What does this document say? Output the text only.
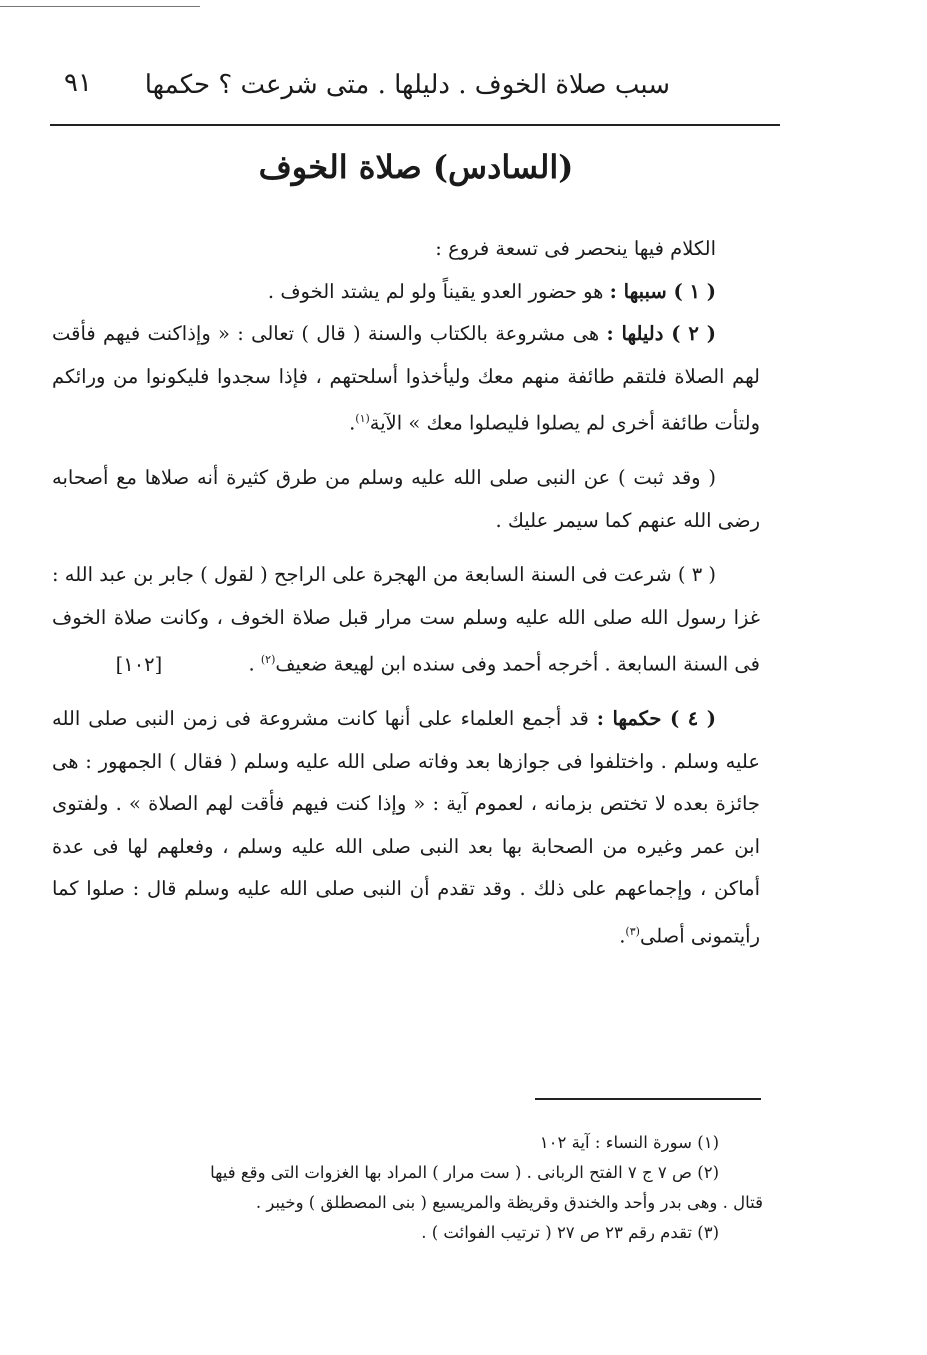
سبب صلاة الخوف . دليلها . متى شرعت ؟ حكمها
٩١
(السادس) صلاة الخوف

الكلام فيها ينحصر فى تسعة فروع :

( ١ ) سببها : هو حضور العدو يقيناً ولو لم يشتد الخوف .

( ٢ ) دليلها : هى مشروعة بالكتاب والسنة ( قال ) تعالى : « وإذاكنت فيهم فأقت لهم الصلاة فلتقم طائفة منهم معك وليأخذوا أسلحتهم ، فإذا سجدوا فليكونوا من ورائكم ولتأت طائفة أخرى لم يصلوا فليصلوا معك » الآية$^{(١)}$.

( وقد ثبت ) عن النبى صلى الله عليه وسلم من طرق كثيرة أنه صلاها مع أصحابه رضى الله عنهم كما سيمر عليك .

( ٣ ) شرعت فى السنة السابعة من الهجرة على الراجح ( لقول ) جابر بن عبد الله : غزا رسول الله صلى الله عليه وسلم ست مرار قبل صلاة الخوف ، وكانت صلاة الخوف فى السنة السابعة . أخرجه أحمد وفى سنده ابن لهيعة ضعيف$^{(٢)}$ . [١٠٢]

( ٤ ) حكمها : قد أجمع العلماء على أنها كانت مشروعة فى زمن النبى صلى الله عليه وسلم . واختلفوا فى جوازها بعد وفاته صلى الله عليه وسلم ( فقال ) الجمهور : هى جائزة بعده لا تختص بزمانه ، لعموم آية : « وإذا كنت فيهم فأقت لهم الصلاة » . ولفتوى ابن عمر وغيره من الصحابة بها بعد النبى صلى الله عليه وسلم ، وفعلهم لها فى عدة أماكن ، وإجماعهم على ذلك . وقد تقدم أن النبى صلى الله عليه وسلم قال : صلوا كما رأيتمونى أصلى$^{(٣)}$.

(١) سورة النساء : آية ١٠٢

(٢) ص ٧ ج ٧ الفتح الربانى . ( ست مرار ) المراد بها الغزوات التى وقع فيها

قتال . وهى بدر وأحد والخندق وقريظة والمريسيع ( بنى المصطلق ) وخيبر .

(٣) تقدم رقم ٢٣ ص ٢٧ ( ترتيب الفوائت ) .
